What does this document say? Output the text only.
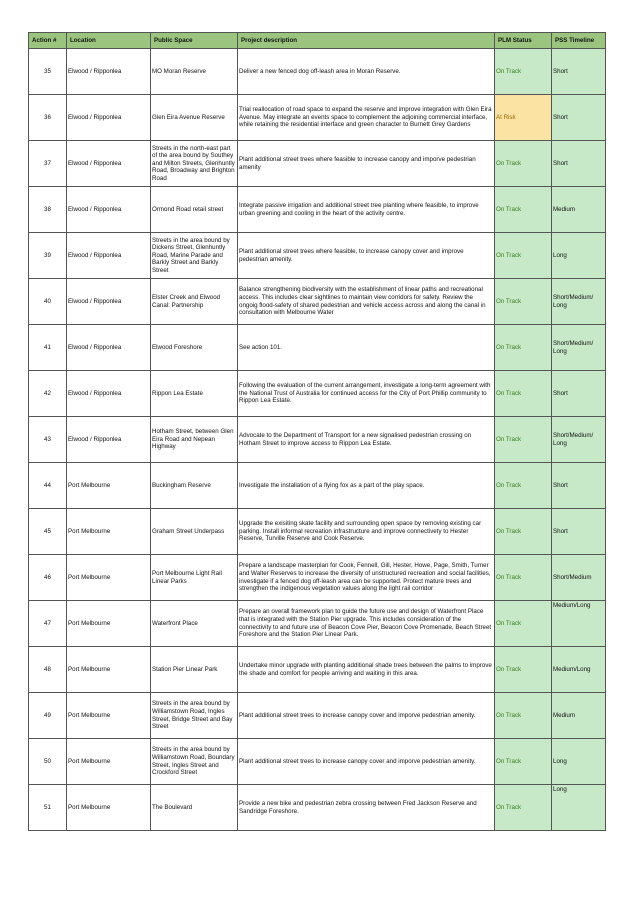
Action #	Location	Public Space	Project description	PLM Status	PSS Timeline
35	Elwood / Ripponlea	MO Moran Reserve	Deliver a new fenced dog off-leash area in Moran Reserve.	On Track	Short
36	Elwood / Ripponlea	Glen Eira Avenue Reserve	Trial reallocation of road space to expand the reserve and improve integration with Glen Eira Avenue. May integrate an events space to complement the adjoining commercial interface, while retaining the residential interface and green character to Burnett Grey Gardens	At Risk	Short
37	Elwood / Ripponlea	Streets in the north-east part of the area bound by Southey and Milton Streets, Glenhuntly Road, Broadway and Brighton Road	Plant additional street trees where feasible to increase canopy and imporve pedestrian amenity	On Track	Short
38	Elwood / Ripponlea	Ormond Road retail street	Integrate passive irrigation and additional street tree planting where feasible, to improve urban greening and cooling in the heart of the activity centre.	On Track	Medium
39	Elwood / Ripponlea	Streets in the area bound by Dickens Street, Glenhuntly Road, Marine Parade and Barkly Street and Barkly Street	Plant additional street trees where feasible, to increase canopy cover and improve pedestrian amenity.	On Track	Long
40	Elwood / Ripponlea	Elster Creek and Elwood Canal: Partnership	Balance strengthening biodiversity with the establishment of linear paths and recreational access. This includes clear sightlines to maintain view corridors for safety. Review the ongoig flood-safety of shared pedestrian and vehicle access across and along the canal in consultation with Melbourne Water	On Track	Short/Medium/ Long
41	Elwood / Ripponlea	Elwood Foreshore	See action 101.	On Track	Short/Medium/ Long
42	Elwood / Ripponlea	Rippon Lea Estate	Following the evaluation of the current arrangement, investigate a long-term agreement with the National Trust of Australia for continued access for the City of Port Phillip community to Rippon Lea Estate.	On Track	Short
43	Elwood / Ripponlea	Hotham Street, between Glen Eira Road and Nepean Highway	Advocate to the Department of Transport for a new signalised pedestrian crossing on Hotham Street to improve access to Rippon Lea Estate.	On Track	Short/Medium/ Long
44	Port Melbourne	Buckingham Reserve	Investigate the installation of a flying fox as a part of the play space.	On Track	Short
45	Port Melbourne	Graham Street Underpass	Upgrade the exisiting skate facility and surrounding open space by removing existing car parking. Install informal recreation infrastructure and improve connectivety to Hester Reserve, Turville Reserve and Cook Reserve.	On Track	Short
46	Port Melbourne	Port Melbourne Light Rail Linear Parks	Prepare a landscape masterplan for Cook, Fennell, Gill, Hester, Howe, Page, Smith, Turner and Walter Reserves to increase the diversity of unstructured recreation and social facilities, investigate if a fenced dog off-leash area can be supported. Protect mature trees and strengthen the indigenous vegetation values along the light rail corridor	On Track	Short/Medium
47	Port Melbourne	Waterfront Place	Prepare an overall framework plan to guide the future use and design of Waterfront Place that is integrated with the Station Pier upgrade. This includes consideration of the connectivity to and future use of Beacon Cove Pier, Beacon Cove Promenade, Beach Street Foreshore and the Station Pier Linear Park.	On Track	Medium/Long
48	Port Melbourne	Station Pier Linear Park	Undertake minor upgrade with planting additional shade trees between the palms to improve the shade and comfort for people arriving and waiting in this area.	On Track	Medium/Long
49	Port Melbourne	Streets in the area bound by Williamstown Road, Ingles Street, Bridge Street and Bay Street	Plant additional street trees to increase canopy cover and imporve pedestrian amenity.	On Track	Medium
50	Port Melbourne	Streets in the area bound by Williamstown Road, Boundary Street, Ingles Street and Crockford Street	Plant additional street trees to increase canopy cover and imporve pedestrian amenity.	On Track	Long
51	Port Melbourne	The Boulevard	Provide a new bike and pedestrian zebra crossing between Fred Jackson Reserve and Sandridge Foreshore.	On Track	Long
